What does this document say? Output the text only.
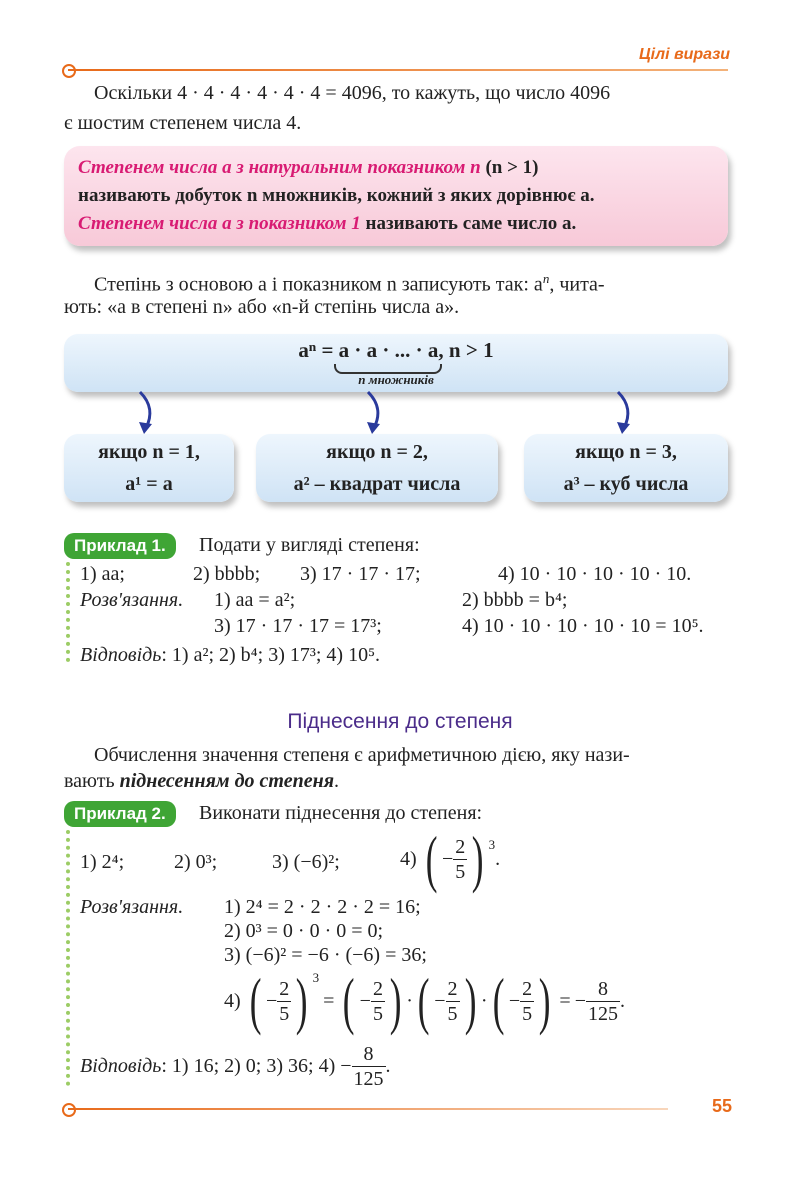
Цілі вирази
Оскільки 4 · 4 · 4 · 4 · 4 · 4 = 4096, то кажуть, що число 4096
є шостим степенем числа 4.

Степенем числа a з натуральним показником n (n > 1)

називають добуток n множників, кожний з яких дорівнює a.

Степенем числа a з показником 1 називають саме число a.

Степінь з основою a і показником n записують так: $a^n$, чита-
ють: «a в степені n» або «n-й степінь числа a».
aⁿ = a · a · ... · a, n > 1
n множників
якщо n = 1,
a¹ = a
якщо n = 2,
a² – квадрат числа
якщо n = 3,
a³ – куб числа
Приклад 1.	Подати у вигляді степеня:
1) aa;	2) bbbb; 3) 17 · 17 · 17;	4) 10 · 10 · 10 · 10 · 10.
Розв'язання. 1) aa = a²;	2) bbbb = b⁴;
3) 17 · 17 · 17 = 17³;	4) 10 · 10 · 10 · 10 · 10 = 10⁵.
Відповідь: 1) a²; 2) b⁴; 3) 17³; 4) 10⁵.
Піднесення до степеня
Обчислення значення степеня є арифметичною дією, яку нази-
вають піднесенням до степеня.
Приклад 2.	Виконати піднесення до степеня:
1) 2⁴; 2) 0³;	3) (−6)²;	4) ( − $\frac{2}{5}$ ) $^3$
.
Розв'язання. 1) 2⁴ = 2 · 2 · 2 · 2 = 16;
2) 0³ = 0 · 0 · 0 = 0;
3) (−6)² = −6 · (−6) = 36;
4) ( − $\frac{2}{5}$ ) $^3$
= ( − $\frac{2}{5}$ ) · ( − $\frac{2}{5}$ ) · ( − $\frac{2}{5}$ ) = − $\frac{8}{125}$ .
Відповідь : 1) 16; 2) 0; 3) 36; $4) - \frac{8}{125}$ .
55
